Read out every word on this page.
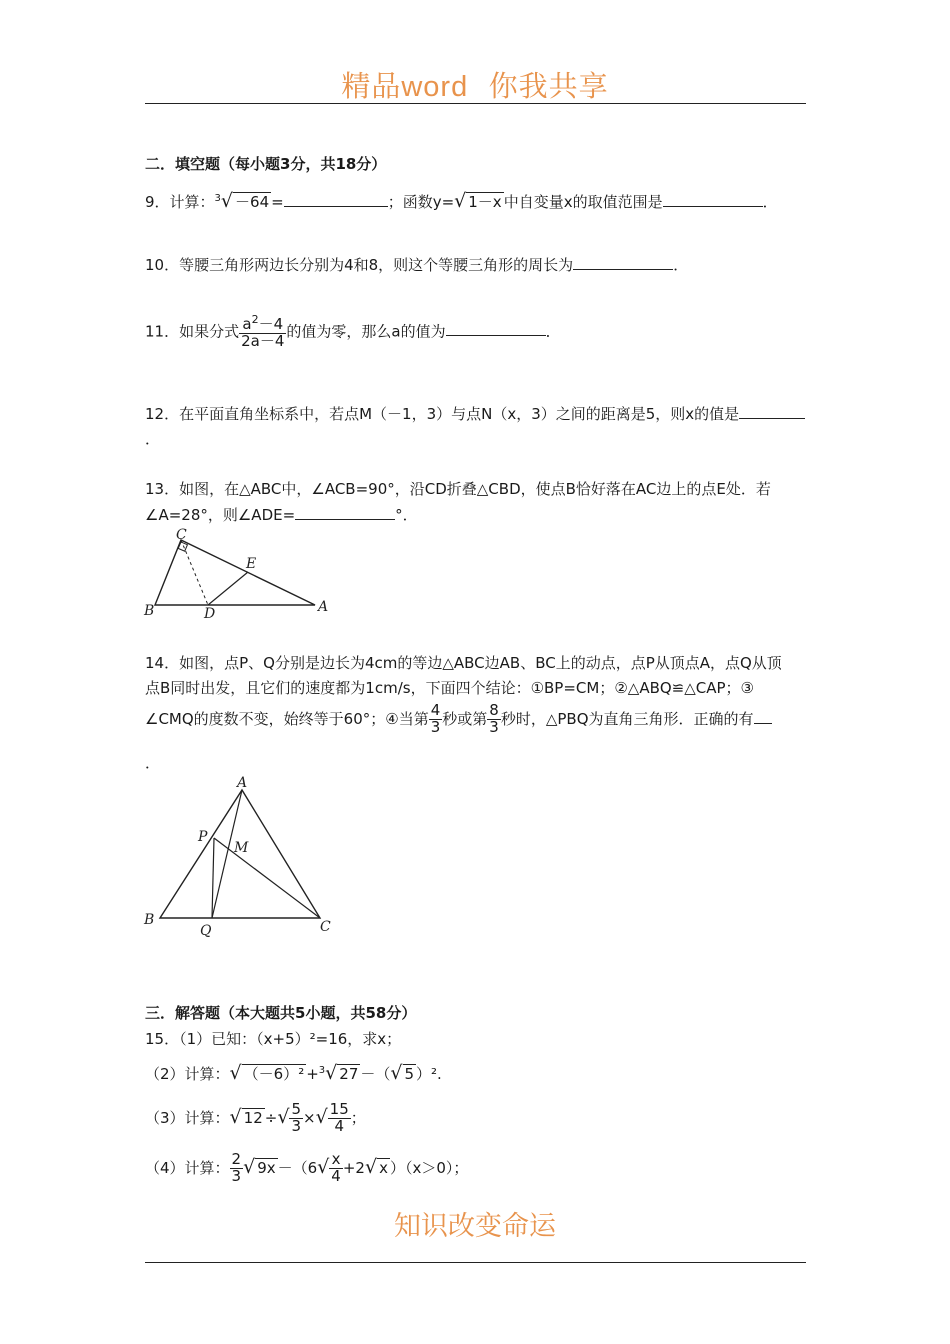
精品word 你我共享
二．填空题（每小题3分，共18分）
9．计算：$^3$√ －64 =	；函数y=√ 1－x 中自变量x的取值范围是	．
10．等腰三角形两边长分别为4和8，则这个等腰三角形的周长为	．
11．如果分式 $\frac{a^2-4}{2a-4}$ 的值为零，那么a的值为	．
12．在平面直角坐标系中，若点M（－1，3）与点N（x，3）之间的距离是5，则x的值是
．
13．如图，在△ABC中，∠ACB=90°，沿CD折叠△CBD，使点B恰好落在AC边上的点E处．若
∠A=28°，则∠ADE=	°．
C
E
B	D	A
14．如图，点P、Q分别是边长为4cm的等边△ABC边AB、BC上的动点，点P从顶点A，点Q从顶
点B同时出发，且它们的速度都为1cm/s，下面四个结论：①BP=CM；②△ABQ≌△CAP；③
∠CMQ的度数不变，始终等于60°；④当第 $\frac{4}{3}$ 秒或第 $\frac{8}{3}$ 秒时，△PBQ为直角三角形．正确的有
．
A
P
M
B
Q	C
三．解答题（本大题共5小题，共58分）
15．（1）已知：（x+5）²=16，求x；
（2）计算：√ （－6）² +$^3$√ 27 －（√ 5 ）².
（3）计算：√ 12 ÷√ $\frac{5}{3}$ ×√ $\frac{15}{4}$ ；
（4）计算： $\frac{2}{3}$ √ $9x -(6√ \frac{x}{4} +2√$ x ）（x＞0）；
知识改变命运
